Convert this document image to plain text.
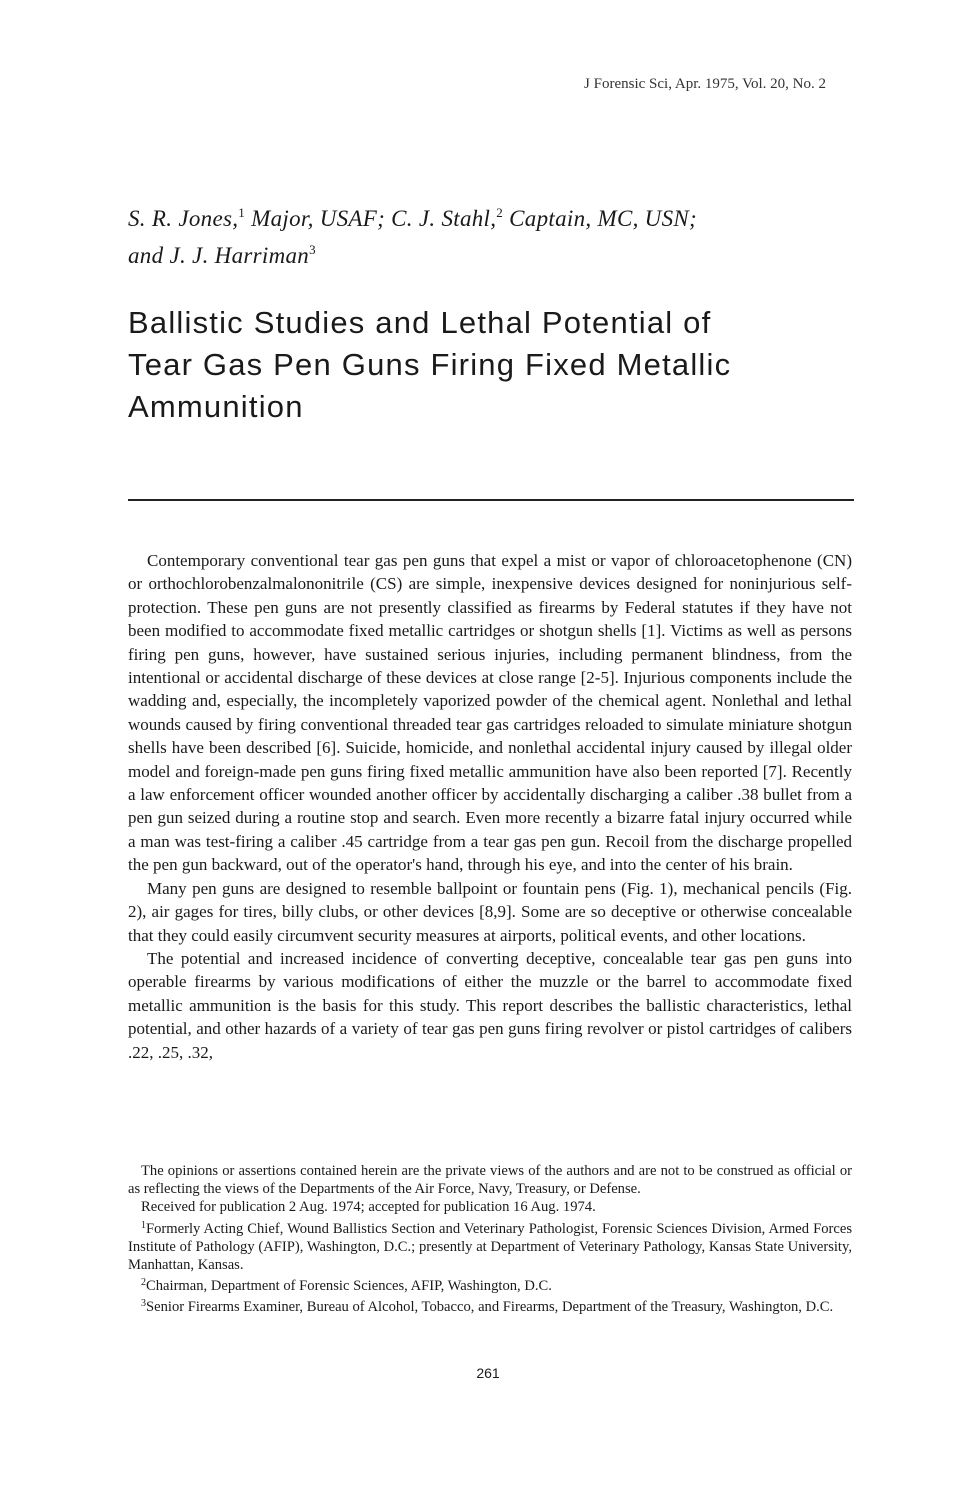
J Forensic Sci, Apr. 1975, Vol. 20, No. 2
S. R. Jones,$^1$ Major, USAF; C. J. Stahl,$^2$ Captain, MC, USN;
and J. J. Harriman$^3$
Ballistic Studies and Lethal Potential of
Tear Gas Pen Guns Firing Fixed Metallic
Ammunition

Contemporary conventional tear gas pen guns that expel a mist or vapor of chloroacetophenone (CN) or orthochlorobenzalmalononitrile (CS) are simple, inexpensive devices designed for noninjurious self-protection. These pen guns are not presently classified as firearms by Federal statutes if they have not been modified to accommodate fixed metallic cartridges or shotgun shells [1]. Victims as well as persons firing pen guns, however, have sustained serious injuries, including permanent blindness, from the intentional or accidental discharge of these devices at close range [2-5]. Injurious components include the wadding and, especially, the incompletely vaporized powder of the chemical agent. Nonlethal and lethal wounds caused by firing conventional threaded tear gas cartridges reloaded to simulate miniature shotgun shells have been described [6]. Suicide, homicide, and nonlethal accidental injury caused by illegal older model and foreign-made pen guns firing fixed metallic ammunition have also been reported [7]. Recently a law enforcement officer wounded another officer by accidentally discharging a caliber .38 bullet from a pen gun seized during a routine stop and search. Even more recently a bizarre fatal injury occurred while a man was test-firing a caliber .45 cartridge from a tear gas pen gun. Recoil from the discharge propelled the pen gun backward, out of the operator's hand, through his eye, and into the center of his brain.

Many pen guns are designed to resemble ballpoint or fountain pens (Fig. 1), mechanical pencils (Fig. 2), air gages for tires, billy clubs, or other devices [8,9]. Some are so deceptive or otherwise concealable that they could easily circumvent security measures at airports, political events, and other locations.

The potential and increased incidence of converting deceptive, concealable tear gas pen guns into operable firearms by various modifications of either the muzzle or the barrel to accommodate fixed metallic ammunition is the basis for this study. This report describes the ballistic characteristics, lethal potential, and other hazards of a variety of tear gas pen guns firing revolver or pistol cartridges of calibers .22, .25, .32,

The opinions or assertions contained herein are the private views of the authors and are not to be construed as official or as reflecting the views of the Departments of the Air Force, Navy, Treasury, or Defense.

Received for publication 2 Aug. 1974; accepted for publication 16 Aug. 1974.

$^1$Formerly Acting Chief, Wound Ballistics Section and Veterinary Pathologist, Forensic Sciences Division, Armed Forces Institute of Pathology (AFIP), Washington, D.C.; presently at Department of Veterinary Pathology, Kansas State University, Manhattan, Kansas.

$^2$Chairman, Department of Forensic Sciences, AFIP, Washington, D.C.

$^3$Senior Firearms Examiner, Bureau of Alcohol, Tobacco, and Firearms, Department of the Treasury, Washington, D.C.

261
